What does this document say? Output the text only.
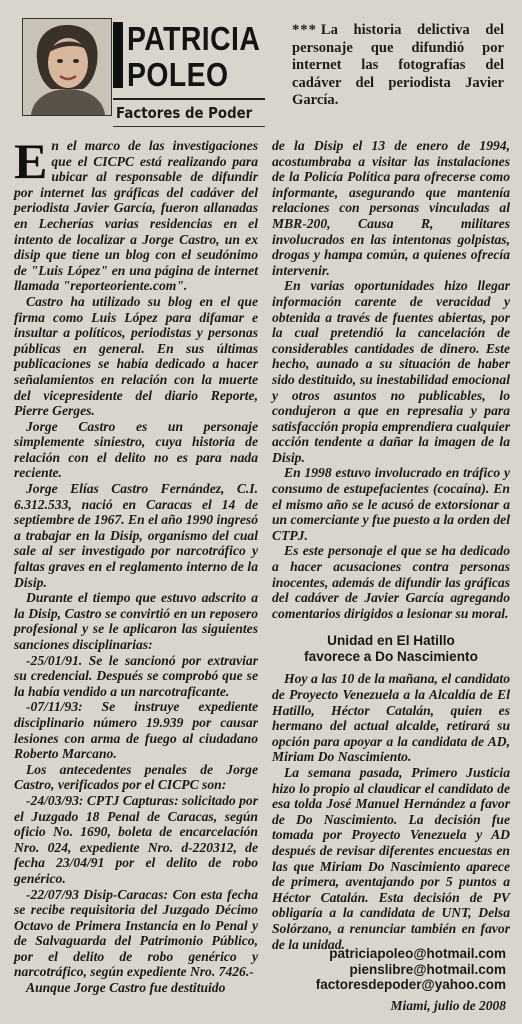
PATRICIA
POLEO
Factores de Poder
*** La historia delictiva del personaje que difundió por internet las fotografías del cadáver del periodista Javier García.

En el marco de las investigaciones que el CICPC está realizando para ubicar al responsable de difundir por internet las gráficas del cadáver del periodista Javier García, fueron allanadas en Lecherías varias residencias en el intento de localizar a Jorge Castro, un ex disip que tiene un blog con el seudónimo de "Luis López" en una página de internet llamada "reporteoriente.com".

Castro ha utilizado su blog en el que firma como Luis López para difamar e insultar a políticos, periodistas y personas públicas en general. En sus últimas publicaciones se había dedicado a hacer señalamientos en relación con la muerte del vicepresidente del diario Reporte, Pierre Gerges.

Jorge Castro es un personaje simplemente siniestro, cuya historia de relación con el delito no es para nada reciente.

Jorge Elías Castro Fernández, C.I. 6.312.533, nació en Caracas el 14 de septiembre de 1967. En el año 1990 ingresó a trabajar en la Disip, organismo del cual sale al ser investigado por narcotráfico y faltas graves en el reglamento interno de la Disip.

Durante el tiempo que estuvo adscrito a la Disip, Castro se convirtió en un reposero profesional y se le aplicaron las siguientes sanciones disciplinarias:

-25/01/91. Se le sancionó por extraviar su credencial. Después se comprobó que se la había vendido a un narcotraficante.

-07/11/93: Se instruye expediente disciplinario número 19.939 por causar lesiones con arma de fuego al ciudadano Roberto Marcano.

Los antecedentes penales de Jorge Castro, verificados por el CICPC son:

-24/03/93: CPTJ Capturas: solicitado por el Juzgado 18 Penal de Caracas, según oficio No. 1690, boleta de encarcelación Nro. 024, expediente Nro. d-220312, de fecha 23/04/91 por el delito de robo genérico.

-22/07/93 Disip-Caracas: Con esta fecha se recibe requisitoria del Juzgado Décimo Octavo de Primera Instancia en lo Penal y de Salvaguarda del Patrimonio Público, por el delito de robo genérico y narcotráfico, según expediente Nro. 7426.-

Aunque Jorge Castro fue destituido

de la Disip el 13 de enero de 1994, acostumbraba a visitar las instalaciones de la Policía Política para ofrecerse como informante, asegurando que mantenía relaciones con personas vinculadas al MBR-200, Causa R, militares involucrados en las intentonas golpistas, drogas y hampa común, a quienes ofrecía intervenir.

En varias oportunidades hizo llegar información carente de veracidad y obtenida a través de fuentes abiertas, por la cual pretendió la cancelación de considerables cantidades de dinero. Este hecho, aunado a su situación de haber sido destituido, su inestabilidad emocional y otros asuntos no publicables, lo condujeron a que en represalia y para satisfacción propia emprendiera cualquier acción tendente a dañar la imagen de la Disip.

En 1998 estuvo involucrado en tráfico y consumo de estupefacientes (cocaína). En el mismo año se le acusó de extorsionar a un comerciante y fue puesto a la orden del CTPJ.

Es este personaje el que se ha dedicado a hacer acusaciones contra personas inocentes, además de difundir las gráficas del cadáver de Javier García agregando comentarios dirigidos a lesionar su moral.

Unidad en El Hatillo
favorece a Do Nascimiento

Hoy a las 10 de la mañana, el candidato de Proyecto Venezuela a la Alcaldía de El Hatillo, Héctor Catalán, quien es hermano del actual alcalde, retirará su opción para apoyar a la candidata de AD, Miriam Do Nascimiento.

La semana pasada, Primero Justicia hizo lo propio al claudicar el candidato de esa tolda José Manuel Hernández a favor de Do Nascimiento. La decisión fue tomada por Proyecto Venezuela y AD después de revisar diferentes encuestas en las que Miriam Do Nascimiento aparece de primera, aventajando por 5 puntos a Héctor Catalán. Esta decisión de PV obligaría a la candidata de UNT, Delsa Solórzano, a renunciar también en favor de la unidad.

patriciapoleo@hotmail.com
pienslibre@hotmail.com
factoresdepoder@yahoo.com
Miami, julio de 2008
